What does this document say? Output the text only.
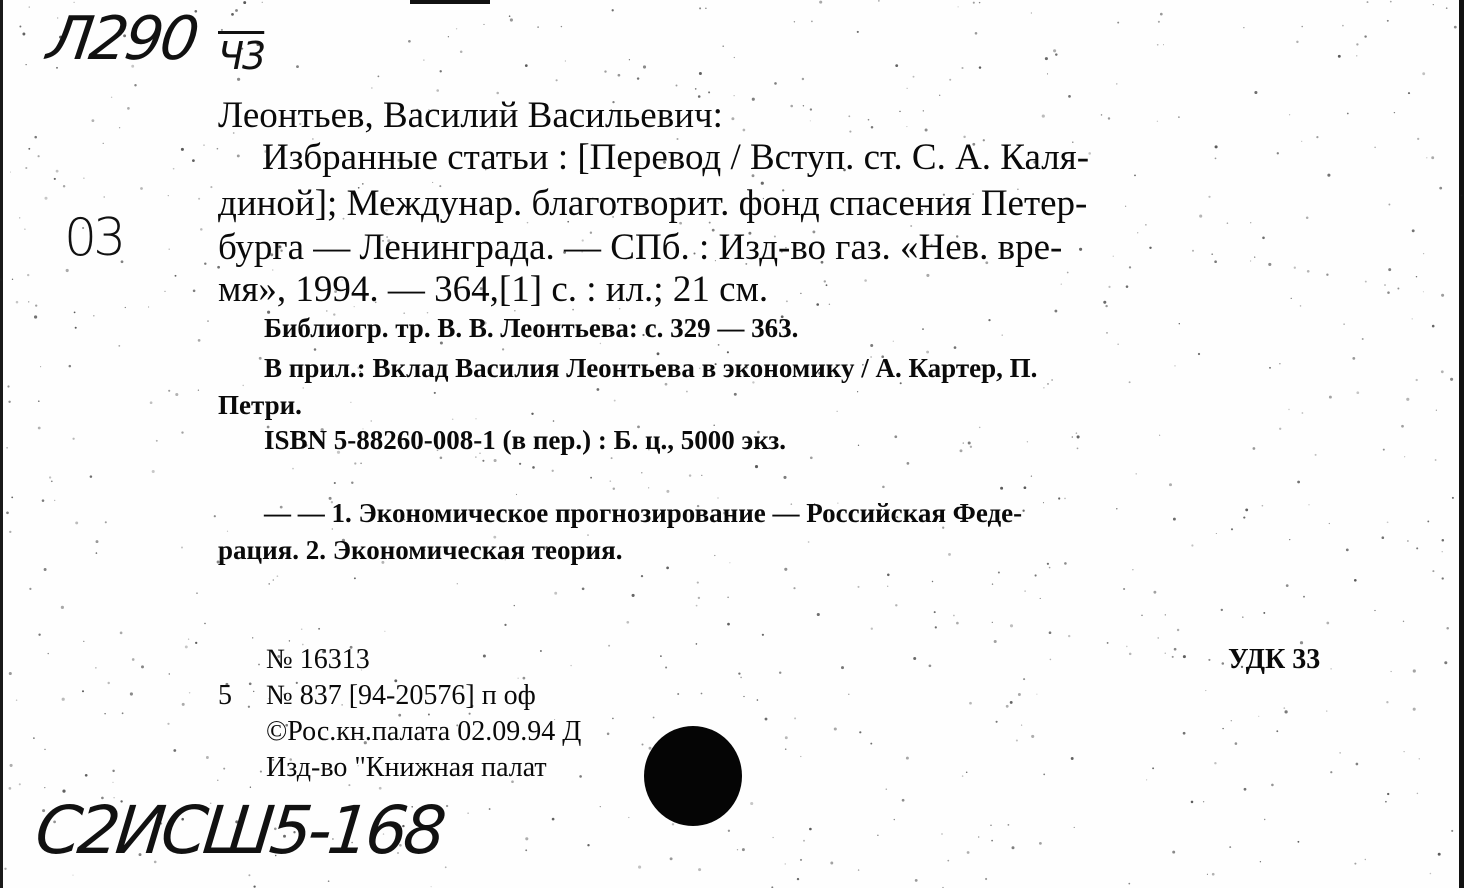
Л290 Ч3
03
Леонтьев, Василий Васильевич:
Избранные статьи : [Перевод / Вступ. ст. С. А. Каля-
диной]; Междунар. благотворит. фонд спасения Петер-
бурга — Ленинграда. — СПб. : Изд-во газ. «Нев. вре-
мя», 1994. — 364,[1] с. : ил.; 21 см.
Библиогр. тр. В. В. Леонтьева: с. 329 — 363.
В прил.: Вклад Василия Леонтьева в экономику / А. Картер, П.
Петри.
ISBN 5-88260-008-1 (в пер.) : Б. ц., 5000 экз.
— — 1. Экономическое прогнозирование — Российская Феде-
рация. 2. Экономическая теория.
№ 16313	УДК 33
5 № 837 [94-20576] п оф
©Рос.кн.палата 02.09.94 Д
Изд-во "Книжная палат
С2ИСШ5-168
